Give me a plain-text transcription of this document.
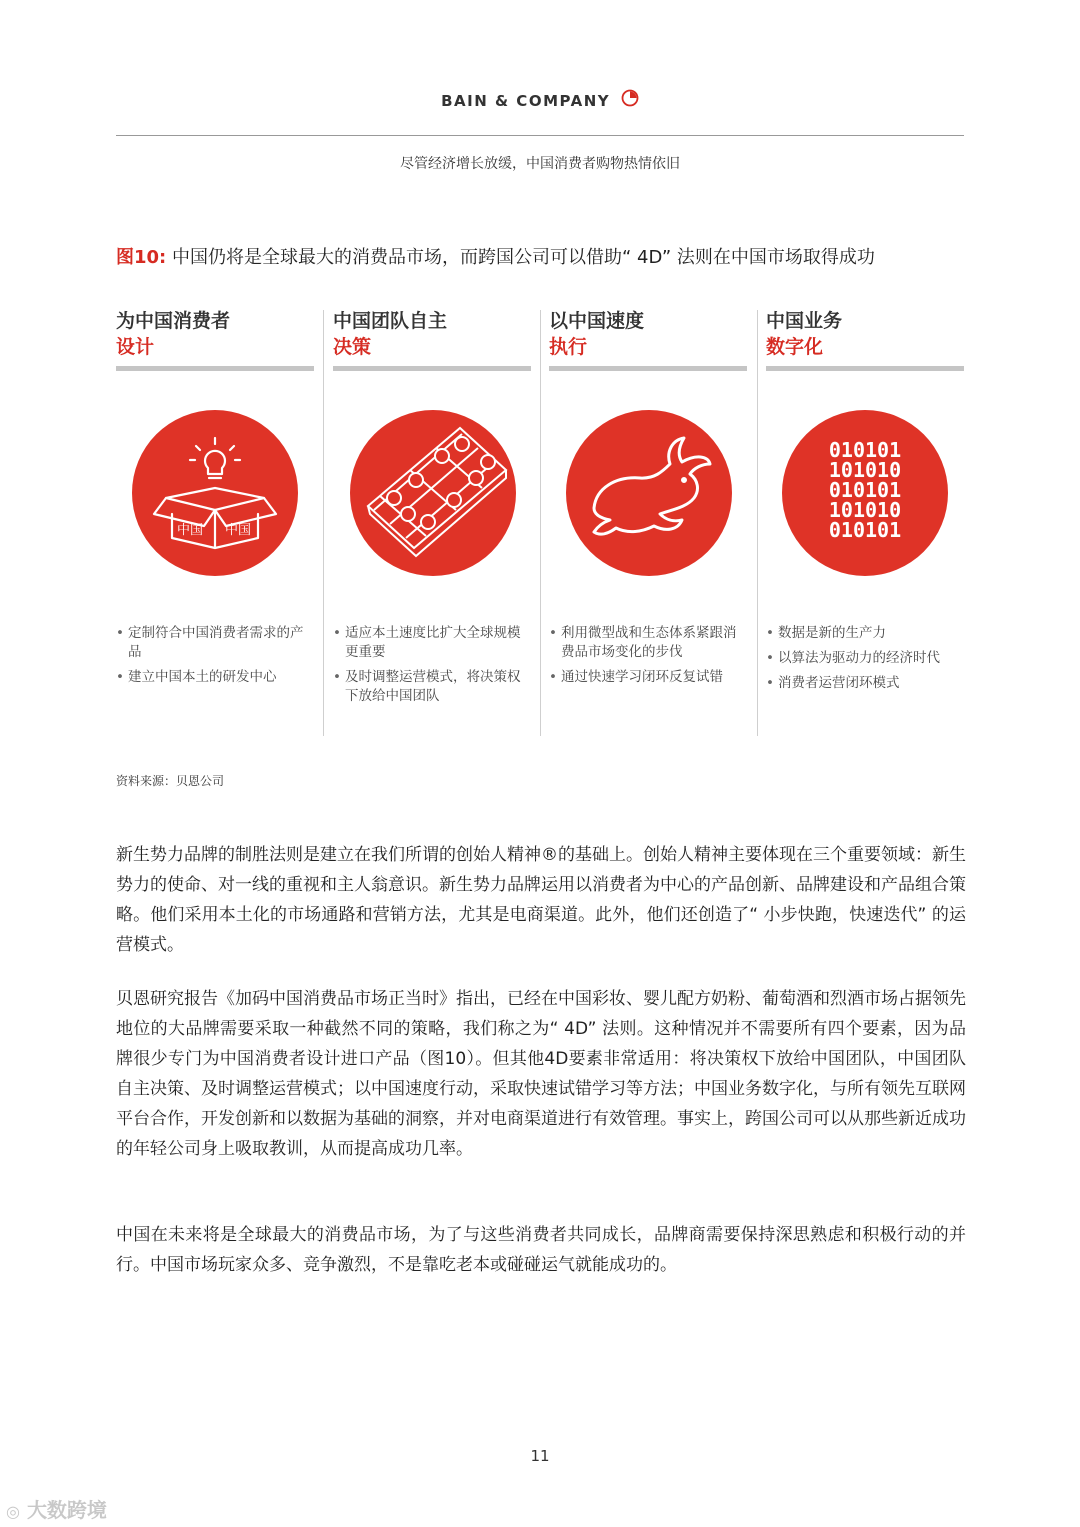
BAIN & COMPANY
尽管经济增长放缓，中国消费者购物热情依旧
图10: 中国仍将是全球最大的消费品市场，而跨国公司可以借助“ 4D” 法则在中国市场取得成功
为中国消费者
设计
中国 中国
• 定制符合中国消费者需求的产品
• 建立中国本土的研发中心
中国团队自主
决策
• 适应本土速度比扩大全球规模更重要
• 及时调整运营模式，将决策权下放给中国团队
以中国速度
执行
• 利用微型战和生态体系紧跟消费品市场变化的步伐
• 通过快速学习闭环反复试错
中国业务
数字化
010101
101010
010101
101010
010101
• 数据是新的生产力
• 以算法为驱动力的经济时代
• 消费者运营闭环模式
资料来源：贝恩公司
新生势力品牌的制胜法则是建立在我们所谓的创始人精神®的基础上。创始人精神主要体现在三个重要领域：新生势力的使命、对一线的重视和主人翁意识。新生势力品牌运用以消费者为中心的产品创新、品牌建设和产品组合策略。他们采用本土化的市场通路和营销方法，尤其是电商渠道。此外，他们还创造了“ 小步快跑，快速迭代” 的运营模式。
贝恩研究报告《加码中国消费品市场正当时》指出，已经在中国彩妆、婴儿配方奶粉、葡萄酒和烈酒市场占据领先地位的大品牌需要采取一种截然不同的策略，我们称之为“ 4D” 法则。这种情况并不需要所有四个要素，因为品牌很少专门为中国消费者设计进口产品（图10）。但其他4D要素非常适用：将决策权下放给中国团队，中国团队自主决策、及时调整运营模式；以中国速度行动，采取快速试错学习等方法；中国业务数字化，与所有领先互联网平台合作，开发创新和以数据为基础的洞察，并对电商渠道进行有效管理。事实上，跨国公司可以从那些新近成功的年轻公司身上吸取教训，从而提高成功几率。
中国在未来将是全球最大的消费品市场，为了与这些消费者共同成长，品牌商需要保持深思熟虑和积极行动的并行。中国市场玩家众多、竞争激烈，不是靠吃老本或碰碰运气就能成功的。
11
◎ 大数跨境
